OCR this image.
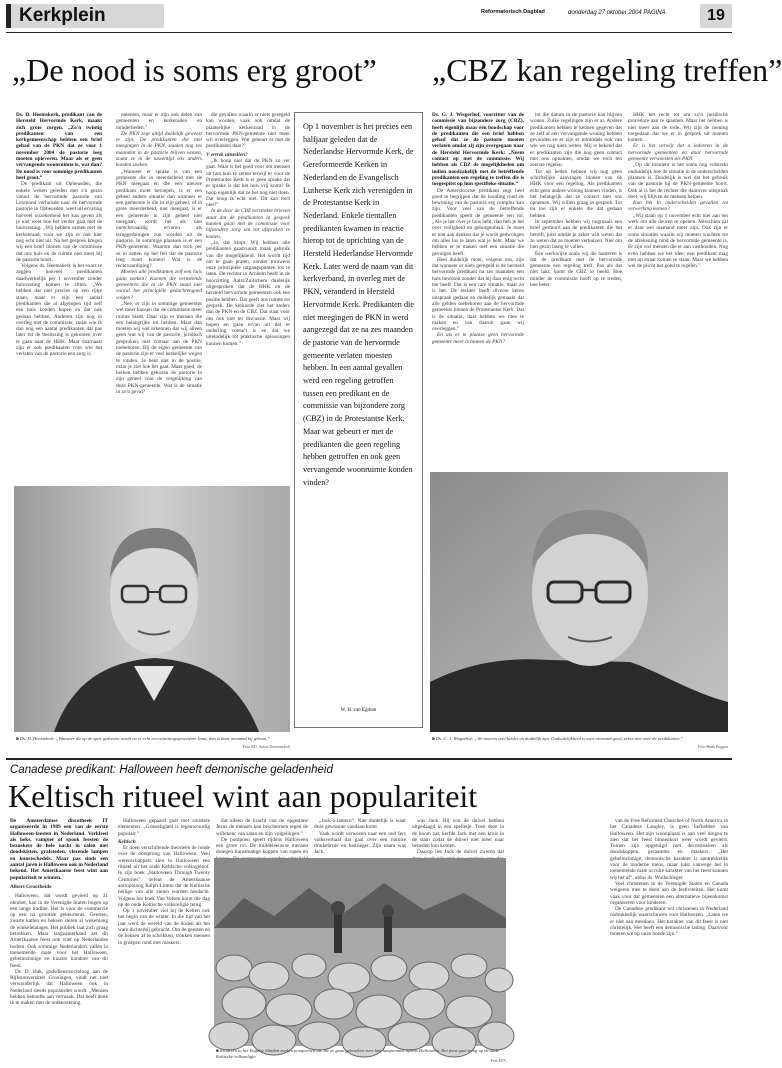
Kerkplein	Reformatorisch Dagblad	donderdag 27 oktober 2004 PAGINA	19
„De nood is soms erg groot”

Ds. D. Heemskerk, predikant van de Hersteld Hervormde Kerk, maakt zich grote zorgen. „Zo'n twintig predikanten van een kerkgemeenschap hebben een brief gehad van de PKN dat ze voor 1 november 2004 de pastorie leeg moeten opleveren. Maar als er geen vervangende woonruimte is, wat dan? De nood is voor sommige predikanten heel groot.”

De predikant uit Opheusden, die enkele weken geleden met z'n gezin vanuit de hervormde pastorie van Lexmond verhuisde naar de hervormde pastorie in Opheusden, weet uit ervaring hoeveel onzekerheid het kan geven als je niet weet hoe het verder gaat met de huisvesting. „Wij hebben samen met de kerkenraad, voor we zijn er ook hier nog echt niet uit. Na het gesprek kregen wij een brief binnen van de commissie dat ons huis en de ruimte niet meer bij de pastorie hoort.

Volgens ds. Heemskerk is het exact te zeggen hoeveel predikanten daadwerkelijk per 1 november zonder huisvesting komen te zitten. „We hebben dat niet precies op een rijtje staan, maar er zijn een aantal predikanten die al afgelopen tijd zelf een huis konden kopen en dat ook gedaan hebben. Anderen zijn nog in overleg met de commissie, zodat wie ik dan nog een aantal predikanten dat pas later tot de beslissing is gekomen over te gaan naar de HHK. Maar daarnaast zijn er ook predikanten voor wie het verlaten van de pastorie een zorg is.

meenten, maar er zijn ook delen van gemeenten en kerkeraden en minderheden.”

De PKN zegt altijd duidelijk geweest te zijn. De predikanten die niet meegingen in de PKN, zouden nog zes maanden in de pastorie blijven wonen, zodat ze in de tussentijd iets anders konden zoeken.

„Wanneer er sprake is van een gemeente die in meerderheid met de PKN meegaat en die een nieuwe predikant moet beroepen, is er een geheel andere situatie dan wanneer er een gemeente is die in zijn geheel, of in grote meerderheid, niet meegaat, is er een gemeente in zijn geheel niet meegaan, wordt het als niet onrechtvaardig ervaren als teruggedrongen zou worden uit de pastorie. In sommige plaatsen is er een PKN-gemeente. Waarom dan toch per se in zetten op het feit dat de pastorie leeg moet komen? Wat is de rechtvaardiging?

Moeten alle predikanten zelf een huis gaan zoeken? Kunnen die vermeende gemeenten die in de PKN staan niet vooral het principiële gedachtengoed volgen?

„Nee, er zijn in sommige gemeentes wel meer kansen dat de commissie meer ruimte biedt. Daar zijn er mensen die een belangrijke rol hebben. Maar dan moeten wij wel erkennen dat wij alleen geen wat wij van de pastorie, juridisch gesproken, niet zomaar aan de PKN toebehoren. Bij de eigen gemeente van de pastorie zijn er veel kerkelijke wegen te vinden. Je bent niet in de positie, maar je ziet hoe het gaat. Maar goed, de kerken hebben gekozen de pastorie in zijn geheel voor de vergelijking van deze PKN-gemeente. Wat is de situatie in zo'n geval?

die gevallen waarin er niets geregeld kan worden, vaak ook omdat de plaatselijke kerkenraad in de hervormde PKN-gemeente niet meer wil overleggen. Wat gebeurt er met de predikanten daar?”

V ertrek uitstellen?

„Ik hoop niet dat de PKN zo ver gaat. Waar is het goed voor om mensen uit hun huis te zetten terwijl er voor de Protestantse Kerk is er geen sprake dat er sprake is dat het huis vrij komt? Ik hoop eigenlijk dat ze het nog niet doen. Dat hoop ik echt niet. Dit kan toch niet?”

In de door de CBZ verstrekte brieven staat dat de predikanten in gesprek kunnen gaan met de commissie voor bijzondere zorg om tot afspraken te komen.

„Ja, dat klopt. Wij hebben alle predikanten gaadvuurd: maak gebruik van die mogelijkheid. Het wordt tijd om te gaan praten, zonder trouwens onze principiële uitgangspunten los te laten. De rechter in Arnhem heeft in de hoorzitting Aalst/Zuilichem duidelijk uitgesproken dat de HHK en de hersteld hervormde gemeenten ook een positie hebben. Dat geeft ons ruimte tot gesprek. De kerkorde ziet het anders dan de PKN en de CBZ. Dat staat voor ons ook niet ter discussie. Maar wij hopen en gaan ervan uit dat er onderling contact is en dat we uiteindelijk tot praktische oplossingen kunnen komen.”

■ Ds. D. Heemskerk: „Wanneer dit op de spits gedreven wordt en er echt een uitzettingsprocedure komt, dan is daar niemand bij gebaat.”
Foto RD, Anton Dommerholt
Op 1 november is het precies een halfjaar geleden dat de Nederlandse Hervormde Kerk, de Gereformeerde Kerken in Nederland en de Evangelisch Lutherse Kerk zich verenigden in de Protestantse Kerk in Nederland. Enkele tientallen predikanten kwamen in reactie hierop tot de oprichting van de Hersteld Hederlandse Hervormde Kerk. Later werd de naam van dit kerkverband, in overleg met de PKN, veranderd in Hersteld Hervormde Kerk. Predikanten die niet meegingen de PKN in werd aangezegd dat ze na zes maanden de pastorie van de hervormde gemeente verlaten moesten hebben. In een aantal gevallen werd een regeling getroffen tussen een predikant en de commissie van bijzondere zorg (CBZ) in de Protestantse Kerk. Maar wat gebeurt er met de predikanten die geen regeling hebben getroffen en ook geen vervangende woonruimte konden vinden?
W. H. van Egdom
„CBZ kan regeling treffen”

Ds. G. J. Wisgerhof, voorzitter van de commissie van bijzondere zorg (CBZ), heeft eigenlijk maar één boodschap voor de predikanten die een brief hebben gehad dat ze de pastorie moeten verlaten omdat zij zijn overgegaan naar de Hersteld Hervormde Kerk: „Neem contact op met de commissie. Wij hebben als CBZ de mogelijkheden om indien noodzakelijk met de betreffende predikanten een regeling te treffen die is toegespitst op hun specifieke situatie.”

De Amersfoortse predikant zegt heel goed te begrijpen dat de houding rond de bewoning van de pastorie erg complex kan zijn. Voor veel van de betreffende predikanten speelt de gemeente een rol. „Als je het over je huis hebt, dan heb je het over veiligheid en geborgenheid. Je moet er niet aan denken dat je wordt gedwongen om alles los te laten wat je hebt. Maar we hebben er te maken met een situatie die gevolgen heeft.

Heel duidelijk moet, volgens ons, zijn dat wanneer er niets geregeld is de hersteld hervormde predikant na zes maanden een huis bewoont zonder dat hij daar enig recht toe heeft. Dat is een rare situatie, maar zo is het. De rechter heeft diverse keren uitspraak gedaan en duidelijk gemaakt dat alle gelden toebehoren aan de hervormde gemeente binnen de Protestantse Kerk. Dat is de situatie, daar hebben we mee te maken en van daaruit gaan wij overleggen.”

En als er te plaatse geen hervormde gemeente meer is binnen de PKN?

tot die datum in de pastorie kan blijven wonen. Zulke regelingen zijn er al. Andere predikanten hebben te kennen gegeven dat ze zelf al een vervangende woning hebben gevonden en er zijn er inmiddels ook van wie we nog niets weten. Mij is bekend dat er predikanten zijn die nog geen contact met ons opnamen, omdat we toch ten zeerste regelen.

Tot op heden hebben wij nog geen schriftelijke aanvragen binnen van de HHK voor een regeling. Als predikanten echt geen andere woning kunnen vinden, is het belangrijk dat ze contact met ons opnemen. Wij willen graag in gesprek. Tot nu toe zijn er enkele die dat gedaan hebben.

In september hebben wij nogmaals een brief gestuurd aan de predikanten die het betreft, juist omdat je zeker wilt weten dat ze weten dat ze moeten verhuizen. Niet om hun gezin lastig te vallen.

Een werkwijze zoals wij die hanteren is dat de predikant met de hervormde gemeente een regeling treft. Pas als dat niet lukt, komt de CBZ in beeld. Hoe minder de commissie hoeft op te treden, hoe beter.

HHK het recht tot om zo'n juridische procedure aan te spannen. Maar het hebben is niet meer aan de orde. Wij zijn de mening toegedaan dat we er in gesprek uit moeten komen.

Er is het verwijt dat u iedereen in de hervormde gemeenten en daar hervormde gemeente verwoesten als PKN.

„Op dit moment is het soms nog volstrekt onduidelijk hoe de situatie in de onderscheiden plaatsen is. Duidelijk is wel dat het gebruik van de pastorie bij de PKN-gemeente hoort. Ook al is het de rechter die daarover uitspraak doet, wij blijven de mensen helpen.

Kun het in onderscheiden gevallen tot verwerking komen?

„Wij staan op 1 november echt niet aan het werk om alle deuren te openen. Misschien zal er daar wel niemand meer zijn. Ook zijn er soms situaties waarin wij moeten wachten tot de afrekening rond de hervormde gemeente is. Er zijn wel mensen die er aan vasthouden. Nog even hebben we het idee: een predikant mag niet op straat komen te staan. Maar we hebben wel de plicht het goed te regelen.”

■ Ds. G. J. Wisgerhof: „We moeten veel helder en duidelijk zijn. Onduidelijkheid is voor niemand goed, zeker niet voor de predikanten.”
Foto Henk Poggen
Canadese predikant: Halloween heeft demonische geladenheid
Keltisch ritueel wint aan populariteit

De Amsterdamse discotheek IT organiseerde in 1989 een van de eerste Halloween-feesten in Nederland. Verkleed als heks, vampier of spook feesten de bezoekers de hele nacht in zalen met doodskisten, grafsteden, vlezende lampen en kunstschedels. Maar pas sinds een aantal jaren is Halloween ook in Nederland bekend. Het Amerikaanse feest wint aan populariteit te winnen.

Albert Grootheide

Halloween, dat wordt gevierd op 31 oktober, kan in de Verenigde Staten bogen op een lange traditie. Het is voor de commercie op een na grootste gebeurtenis. Geesten, zwarte katten en heksen sieren al wekenlang de winkeletalages. Het publiek laat zich graag betrekken. Maar langzamerhand zet dit Amerikaanse feest ook voet op Nederlandse bodem. Ook sommige Nederlanders vallen in toenemende mate voor het Halloween, geheimzinnige en bizarre karakter van dit feest.

Dr. D. Hak, godsdienstsocioloog aan de Rijksuniversiteit Groningen, vindt het niet verwonderlijk dat Halloween ook in Nederland steeds populairder wordt. „Mensen hebben behoefte aan vermaak. Dat heeft denk ik te maken met de ontkerstening.

Halloween gepaard gaat met sinistere elementen. „Griezelighed is tegenwoordig populair.”

Keltisch

Er doen verschillende theorieën de ronde over de oorsprong van Halloween. Veel wetenschappers zien in Halloween een ritueel uit het oude Keltische volksgeloof. In zijn boek „Halloween Through Twenty Centuries” oefent de Amerikaanse antropoloog Ralph Linton dat de Keltische heilige van alle zielen worden herdacht. Volgens het boek Van Velsen komt die dag op de oude Keltische volksreligie terug.

Op 1 november viel bij de Kelten ook het begin van de winter. In die tijd van het jaar werd de wereld van de doden als het ware dichterbij gebracht. Om de geesten en de heksen af te schrikken, trokken mensen in groepen rond met maskers.

dat alleen de kracht van de opgestane Jezus de mensen kan beschermen tegen de willekeur van satan en zijn volgelingen.”

De pompoen speelt tijdens Halloween een grote rol. De middeleeuwse mensen droegen kunstmatige koppen van rapen en

„Jack-o-lantern”. Niet duidelijk is waar deze gewoonte vandaan komt.

Vaak wordt verwezen naar een oud Iers volksverhaal dat gaat over een notoire drinkebroer en bedrieger. Zijn naam was Jack.

was Jack. Hij zou de duivel hebben uitgedaagd in een spelletje. Toen deze in de boom zat, kerfde Jack met een kruis in de stam zodat de duivel niet meer naar beneden kon komen.

Daarop liet Jack de duivel zweren dat

van de Free Reformed Churches of North America in het Canadese Langley, is geen liefhebber van Halloween. Het zijn woonplaats is aan veel dingen te zien dat het feest binnenkort weer wordt gevierd. Tuinen zijn opgetuigd met decorstukken als doodskoppen, geraamtes en maskers. „Het geheimzinnige, demonische karakter is aantrekkelijk voor de moderne mens, maar juist vanwege het in toenemende mate occulte karakter van het feest kunnen wij het af”, aldus ds. Wullschleger.

Veel christenen in de Verenigde Staten en Canada weigeren mee te doen aan de festiviteiten. Het komt vaak voor dat gemeenten een alternatieve bijeenkomst organiseren voor kinderen.

De Canadese predikant wil christenen in Nederland nadrukkelijk waarschuwen voor Halloween. „Laten we er niet aan meedoen. Het karakter van dit feest is niet christelijk. Het heeft een demonische lading. Daarvoor moeten we op onze hoede zijn.”

■ Kinderen in het Engelse Slindon zoeken pompoenen uit, die ze gaan gebruiken voor hun lampionnen tijdens Halloween. Het feest gaat terug op de oude Keltische volksreligie.
Foto EPA
